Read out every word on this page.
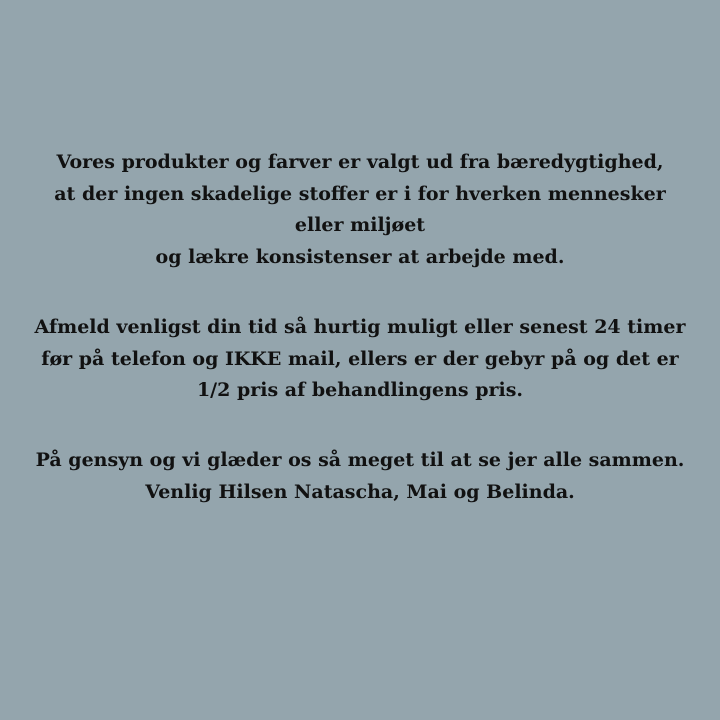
Vores produkter og farver er valgt ud fra bæredygtighed,
at der ingen skadelige stoffer er i for hverken mennesker
eller miljøet
og lækre konsistenser at arbejde med.

Afmeld venligst din tid så hurtig muligt eller senest 24 timer
før på telefon og IKKE mail, ellers er der gebyr på og det er
1/2 pris af behandlingens pris.

På gensyn og vi glæder os så meget til at se jer alle sammen.
Venlig Hilsen Natascha, Mai og Belinda.
